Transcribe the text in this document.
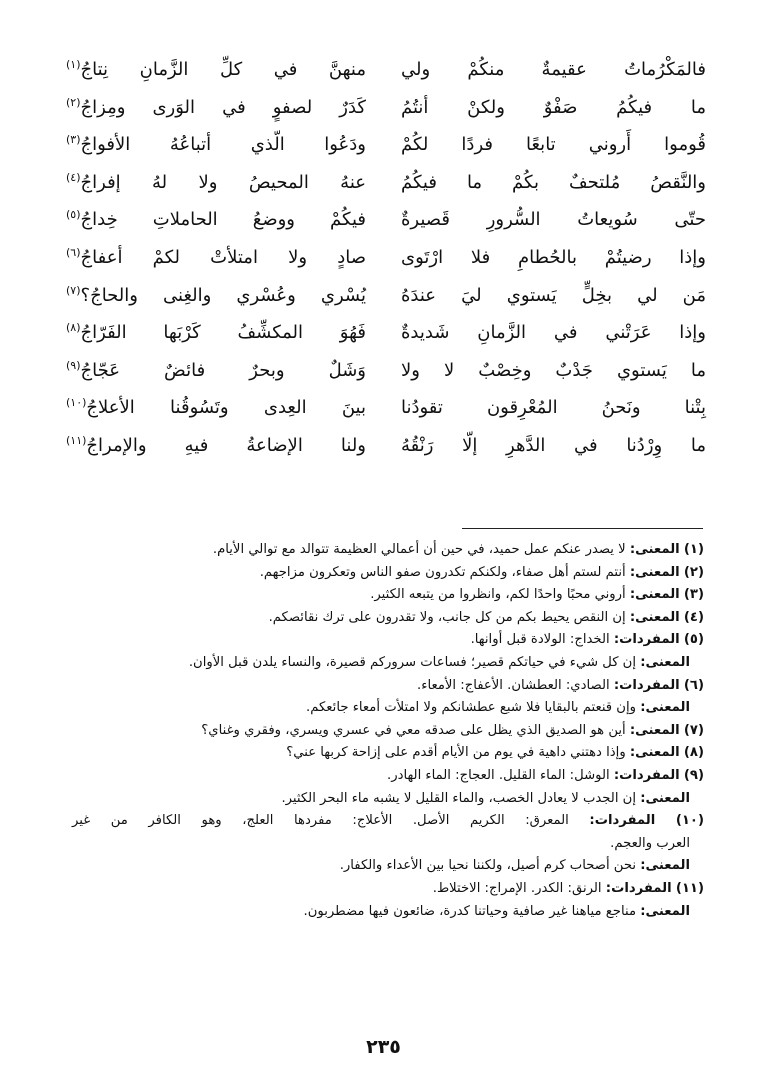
فالمَكْرُماتُ عقيمةٌ منكُمْ ولي
منهنَّ في كلِّ الزَّمانِ نِتاجُ$^{(١)}$
ما فيكُمُ صَفْوٌ ولكنْ أنتُمُ
كَدَرٌ لصفوٍ في الوَرى ومِزاجُ$^{(٢)}$
قُوموا أَروني تابعًا فردًا لكُمْ
ودَعُوا الّذي أتباعُهُ الأفواجُ$^{(٣)}$
والنَّقصُ مُلتحفٌ بكُمْ ما فيكُمُ
عنهُ المحيصُ ولا لهُ إفراجُ$^{(٤)}$
حتّى سُويعاتُ السُّرورِ قَصيرةٌ
فيكُمْ ووضعُ الحاملاتِ خِداجُ$^{(٥)}$
وإذا رضيتُمْ بالحُطامِ فلا ارْتَوى
صادٍ ولا امتلأتْ لكمْ أعفاجُ$^{(٦)}$
مَن لي بخِلٍّ يَستوي ليَ عندَهُ
يُسْري وعُسْري والغِنى والحاجُ؟$^{(٧)}$
وإذا عَرَتْني في الزَّمانِ شَديدةٌ
فَهُوَ المكشِّفُ كَرْبَها الفَرّاجُ$^{(٨)}$
ما يَستوي جَدْبٌ وخِصْبٌ لا ولا
وَشَلٌ وبحرٌ فائضٌ عَجّاجُ$^{(٩)}$
بِتْنا ونَحنُ المُعْرِقون تقودُنا
بينَ العِدى وتَسُوقُنا الأعلاجُ$^{(١٠)}$
ما وِرْدُنا في الدَّهرِ إلّا رَنْقُهُ
ولنا الإضاعةُ فيهِ والإمراجُ$^{(١١)}$
(١) المعنى: لا يصدر عنكم عمل حميد، في حين أن أعمالي العظيمة تتوالد مع توالي الأيام.
(٢) المعنى: أنتم لستم أهل صفاء، ولكنكم تكدرون صفو الناس وتعكرون مزاجهم.
(٣) المعنى: أروني محبًا واحدًا لكم، وانظروا من يتبعه الكثير.
(٤) المعنى: إن النقص يحيط بكم من كل جانب، ولا تقدرون على ترك نقائصكم.
(٥) المفردات: الخداج: الولادة قبل أوانها.
المعنى: إن كل شيء في حياتكم قصير؛ فساعات سروركم قصيرة، والنساء يلدن قبل الأوان.
(٦) المفردات: الصادي: العطشان. الأعفاج: الأمعاء.
المعنى: وإن قنعتم بالبقايا فلا شبع عطشانكم ولا امتلأت أمعاء جائعكم.
(٧) المعنى: أين هو الصديق الذي يظل على صدقه معي في عسري ويسري، وفقري وغناي؟
(٨) المعنى: وإذا دهتني داهية في يوم من الأيام أقدم على إزاحة كربها عني؟
(٩) المفردات: الوشل: الماء القليل. العجاج: الماء الهادر.
المعنى: إن الجدب لا يعادل الخصب، والماء القليل لا يشبه ماء البحر الكثير.
(١٠) المفردات: المعرق: الكريم الأصل. الأعلاج: مفردها العلج، وهو الكافر من غير
العرب والعجم.
المعنى: نحن أصحاب كرم أصيل، ولكننا نحيا بين الأعداء والكفار.
(١١) المفردات: الرنق: الكدر. الإمراج: الاختلاط.
المعنى: مناجع مياهنا غير صافية وحياتنا كدرة، ضائعون فيها مضطربون.
٢٣٥
